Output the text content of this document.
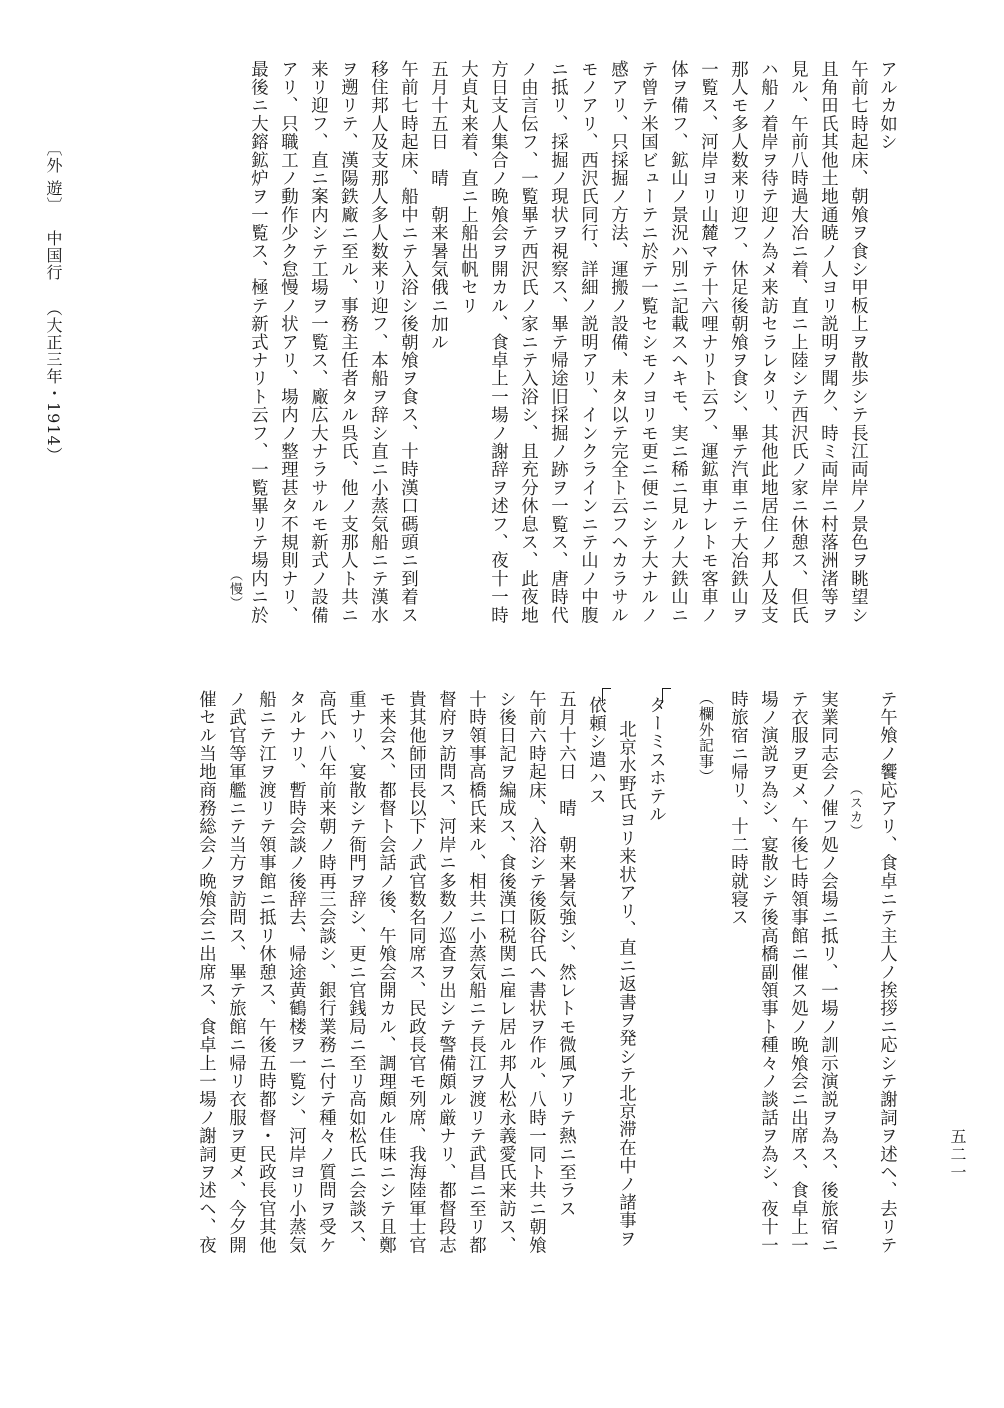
アルカ如シ
午前七時起床、朝飧ヲ食シ甲板上ヲ散歩シテ長江両岸ノ景色ヲ眺望シ
且角田氏其他土地通暁ノ人ヨリ説明ヲ聞ク、時ミ両岸ニ村落洲渚等ヲ
見ル、午前八時過大冶ニ着、直ニ上陸シテ西沢氏ノ家ニ休憩ス、但氏
ハ船ノ着岸ヲ待テ迎ノ為メ来訪セラレタリ、其他此地居住ノ邦人及支
那人モ多人数来リ迎フ、休足後朝飧ヲ食シ、畢テ汽車ニテ大冶鉄山ヲ
一覧ス、河岸ヨリ山麓マテ十六哩ナリト云フ、運鉱車ナレトモ客車ノ
体ヲ備フ、鉱山ノ景況ハ別ニ記載スヘキモ、実ニ稀ニ見ルノ大鉄山ニ
テ曾テ米国ビューテニ於テ一覧セシモノヨリモ更ニ便ニシテ大ナルノ
感アリ、只採掘ノ方法、運搬ノ設備、未タ以テ完全ト云フヘカラサル
モノアリ、西沢氏同行、詳細ノ説明アリ、インクラインニテ山ノ中腹
ニ抵リ、採掘ノ現状ヲ視察ス、畢テ帰途旧採掘ノ跡ヲ一覧ス、唐時代
ノ由言伝フ、一覧畢テ西沢氏ノ家ニテ入浴シ、且充分休息ス、此夜地
方日支人集合ノ晩飧会ヲ開カル、食卓上一場ノ謝辞ヲ述フ、夜十一時
大貞丸来着、直ニ上船出帆セリ
五月十五日　晴　朝来暑気俄ニ加ル
午前七時起床、船中ニテ入浴シ後朝飧ヲ食ス、十時漢口碼頭ニ到着ス
移住邦人及支那人多人数来リ迎フ、本船ヲ辞シ直ニ小蒸気船ニテ漢水
ヲ遡リテ、漢陽鉄廠ニ至ル、事務主任者タル呉氏、他ノ支那人ト共ニ
来リ迎フ、直ニ案内シテ工場ヲ一覧ス、廠広大ナラサルモ新式ノ設備
アリ、只職工ノ動作少ク怠慢ノ状アリ、場内ノ整理甚タ不規則ナリ、
最後ニ大鎔鉱炉ヲ一覧ス、極テ新式ナリト云フ、一覧畢リテ場内ニ於
（スカ）
（慢）
テ午飧ノ饗応アリ、食卓ニテ主人ノ挨拶ニ応シテ謝詞ヲ述ヘ、去リテ
実業同志会ノ催フ処ノ会場ニ抵リ、一場ノ訓示演説ヲ為ス、後旅宿ニ
テ衣服ヲ更メ、午後七時領事館ニ催ス処ノ晩飧会ニ出席ス、食卓上一
場ノ演説ヲ為シ、宴散シテ後高橋副領事ト種々ノ談話ヲ為シ、夜十一
時旅宿ニ帰リ、十二時就寝ス
（欄外記事）
ターミスホテル
北京水野氏ヨリ来状アリ、直ニ返書ヲ発シテ北京滞在中ノ諸事ヲ
依頼シ遣ハス
五月十六日　晴　朝来暑気強シ、然レトモ微風アリテ熱ニ至ラス
午前六時起床、入浴シテ後阪谷氏ヘ書状ヲ作ル、八時一同ト共ニ朝飧
シ後日記ヲ編成ス、食後漢口税関ニ雇レ居ル邦人松永義愛氏来訪ス、
十時領事高橋氏来ル、相共ニ小蒸気船ニテ長江ヲ渡リテ武昌ニ至リ都
督府ヲ訪問ス、河岸ニ多数ノ巡査ヲ出シテ警備頗ル厳ナリ、都督段志
貴其他師団長以下ノ武官数名同席ス、民政長官モ列席、我海陸軍士官
モ来会ス、都督ト会話ノ後、午飧会開カル、調理頗ル佳味ニシテ且鄭
重ナリ、宴散シテ衙門ヲ辞シ、更ニ官銭局ニ至リ高如松氏ニ会談ス、
高氏ハ八年前来朝ノ時再三会談シ、銀行業務ニ付テ種々ノ質問ヲ受ケ
タルナリ、暫時会談ノ後辞去、帰途黄鶴楼ヲ一覧シ、河岸ヨリ小蒸気
船ニテ江ヲ渡リテ領事館ニ抵リ休憩ス、午後五時都督・民政長官其他
ノ武官等軍艦ニテ当方ヲ訪問ス、畢テ旅館ニ帰リ衣服ヲ更メ、今夕開
催セル当地商務総会ノ晩飧会ニ出席ス、食卓上一場ノ謝詞ヲ述ヘ、夜
〔外 遊〕
中国行
（大正三年・1914）
五二一
